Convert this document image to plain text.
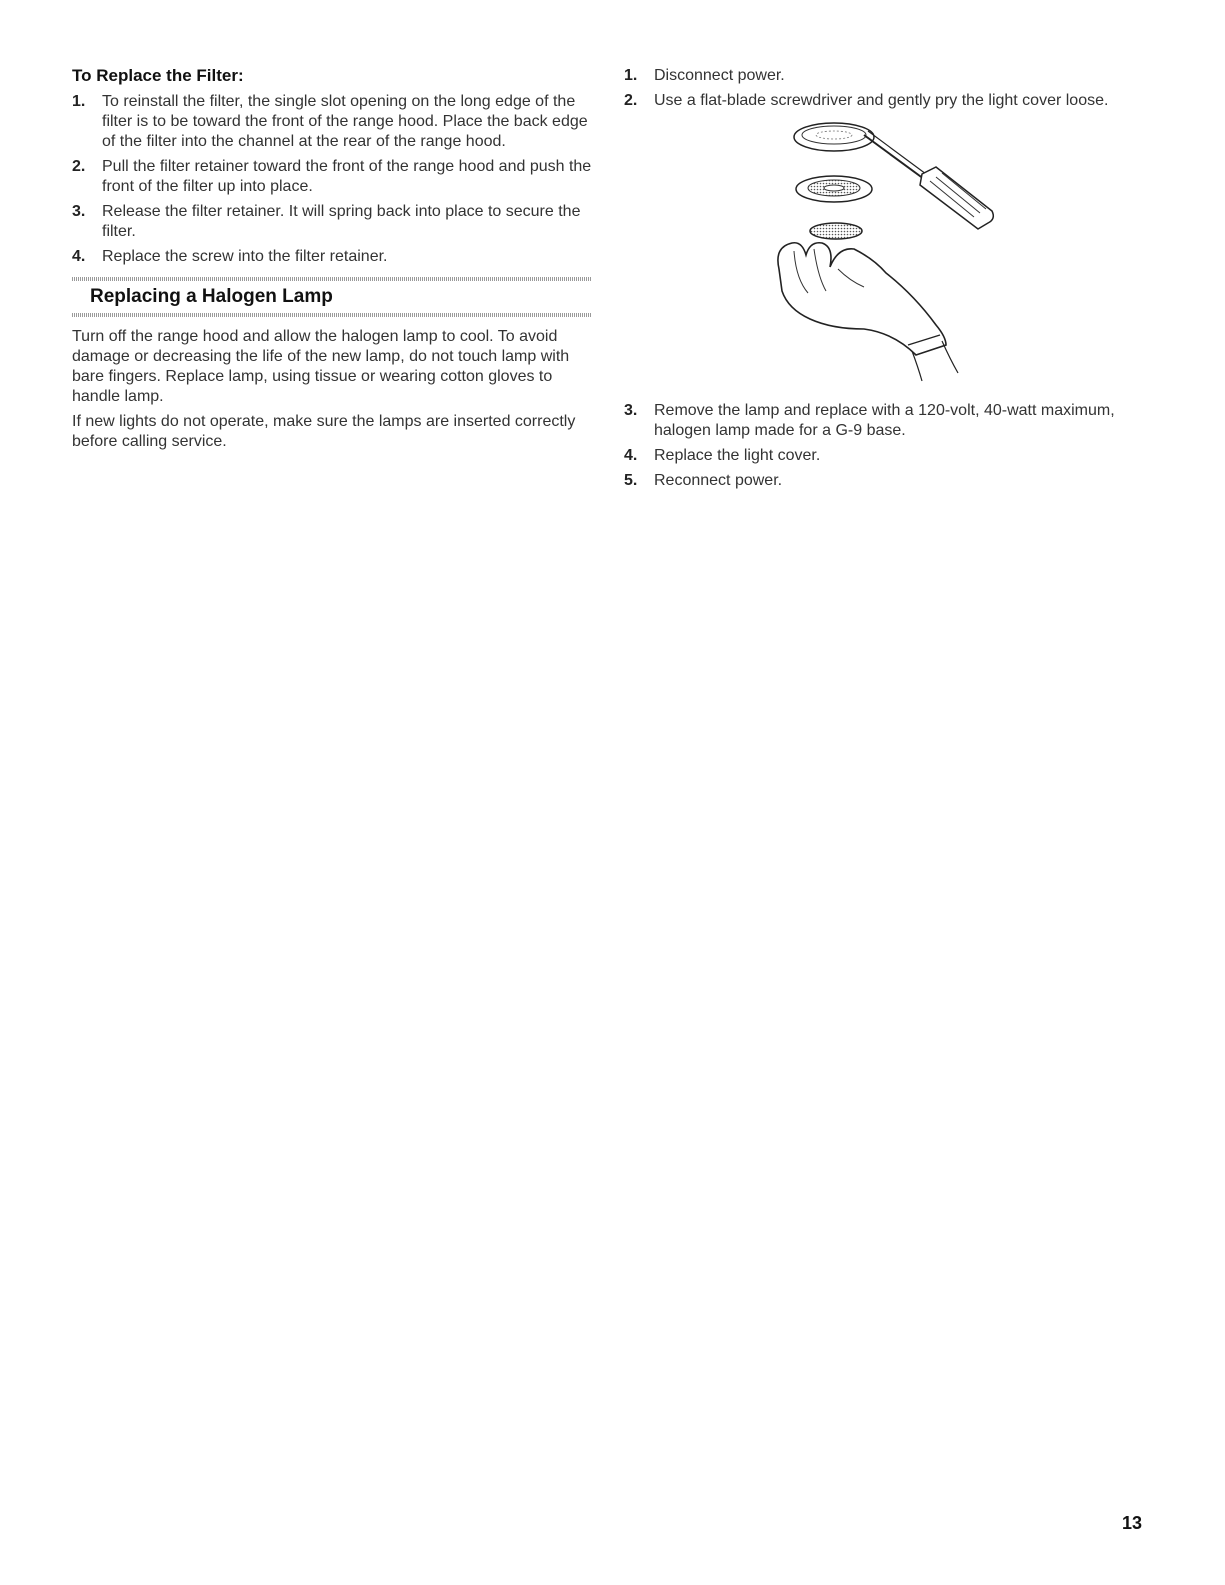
To Replace the Filter:
1. To reinstall the filter, the single slot opening on the long edge of the filter is to be toward the front of the range hood. Place the back edge of the filter into the channel at the rear of the range hood.
2. Pull the filter retainer toward the front of the range hood and push the front of the filter up into place.
3. Release the filter retainer. It will spring back into place to secure the filter.
4. Replace the screw into the filter retainer.
Replacing a Halogen Lamp

Turn off the range hood and allow the halogen lamp to cool. To avoid damage or decreasing the life of the new lamp, do not touch lamp with bare fingers. Replace lamp, using tissue or wearing cotton gloves to handle lamp.

If new lights do not operate, make sure the lamps are inserted correctly before calling service.

1. Disconnect power.
2. Use a flat-blade screwdriver and gently pry the light cover loose.
3. Remove the lamp and replace with a 120-volt, 40-watt maximum, halogen lamp made for a G-9 base.
4. Replace the light cover.
5. Reconnect power.
13
